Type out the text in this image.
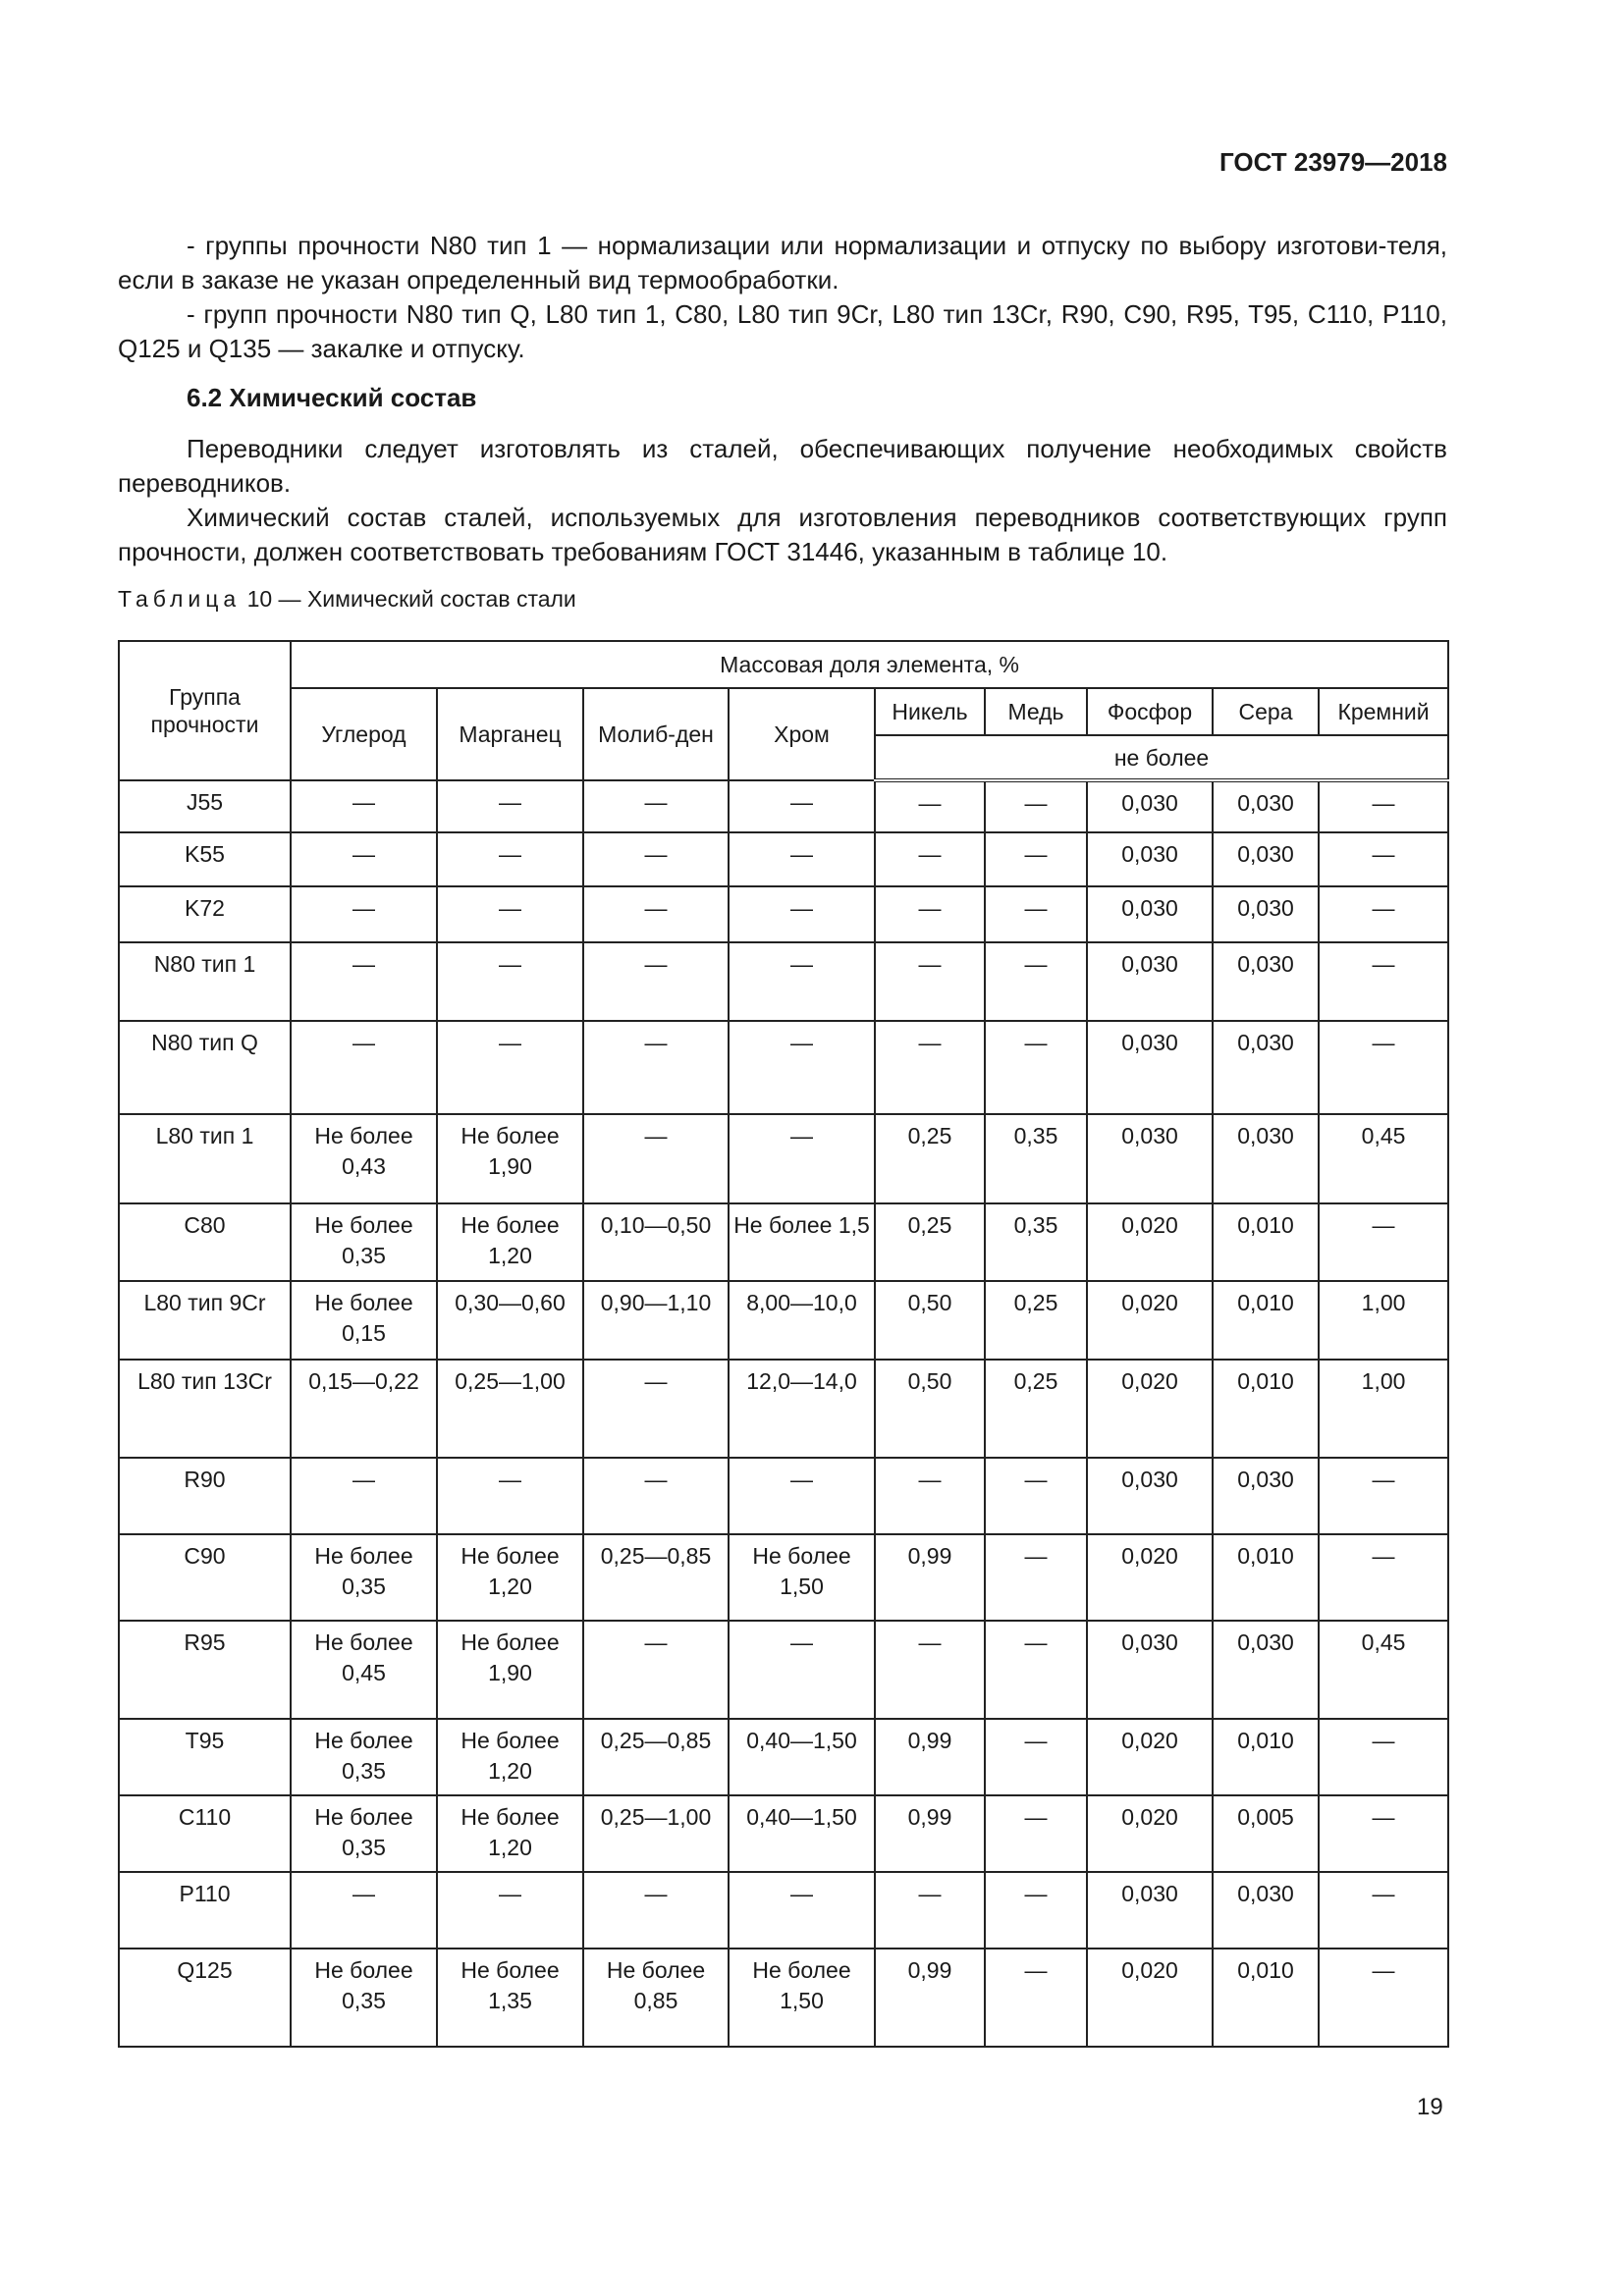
ГОСТ 23979—2018

- группы прочности N80 тип 1 — нормализации или нормализации и отпуску по выбору изготови-теля, если в заказе не указан определенный вид термообработки.

- групп прочности N80 тип Q, L80 тип 1, C80, L80 тип 9Cr, L80 тип 13Cr, R90, C90, R95, T95, C110, P110, Q125 и Q135 — закалке и отпуску.

6.2 Химический состав

Переводники следует изготовлять из сталей, обеспечивающих получение необходимых свойств переводников.

Химический состав сталей, используемых для изготовления переводников соответствующих групп прочности, должен соответствовать требованиям ГОСТ 31446, указанным в таблице 10.

Таблица 10 — Химический состав стали
Группа прочности	Массовая доля элемента, %								
	Углерод	Марганец	Молиб-ден	Хром	Никель	Медь	Фосфор	Сера	Кремний
					не более				
J55	—	—	—	—	—	—	0,030	0,030	—
K55	—	—	—	—	—	—	0,030	0,030	—
K72	—	—	—	—	—	—	0,030	0,030	—
N80 тип 1	—	—	—	—	—	—	0,030	0,030	—
N80 тип Q	—	—	—	—	—	—	0,030	0,030	—
L80 тип 1	Не более 0,43	Не более 1,90	—	—	0,25	0,35	0,030	0,030	0,45
C80	Не более 0,35	Не более 1,20	0,10—0,50	Не более 1,5	0,25	0,35	0,020	0,010	—
L80 тип 9Cr	Не более 0,15	0,30—0,60	0,90—1,10	8,00—10,0	0,50	0,25	0,020	0,010	1,00
L80 тип 13Cr	0,15—0,22	0,25—1,00	—	12,0—14,0	0,50	0,25	0,020	0,010	1,00
R90	—	—	—	—	—	—	0,030	0,030	—
C90	Не более 0,35	Не более 1,20	0,25—0,85	Не более 1,50	0,99	—	0,020	0,010	—
R95	Не более 0,45	Не более 1,90	—	—	—	—	0,030	0,030	0,45
T95	Не более 0,35	Не более 1,20	0,25—0,85	0,40—1,50	0,99	—	0,020	0,010	—
C110	Не более 0,35	Не более 1,20	0,25—1,00	0,40—1,50	0,99	—	0,020	0,005	—
P110	—	—	—	—	—	—	0,030	0,030	—
Q125	Не более 0,35	Не более 1,35	Не более 0,85	Не более 1,50	0,99	—	0,020	0,010	—
19
